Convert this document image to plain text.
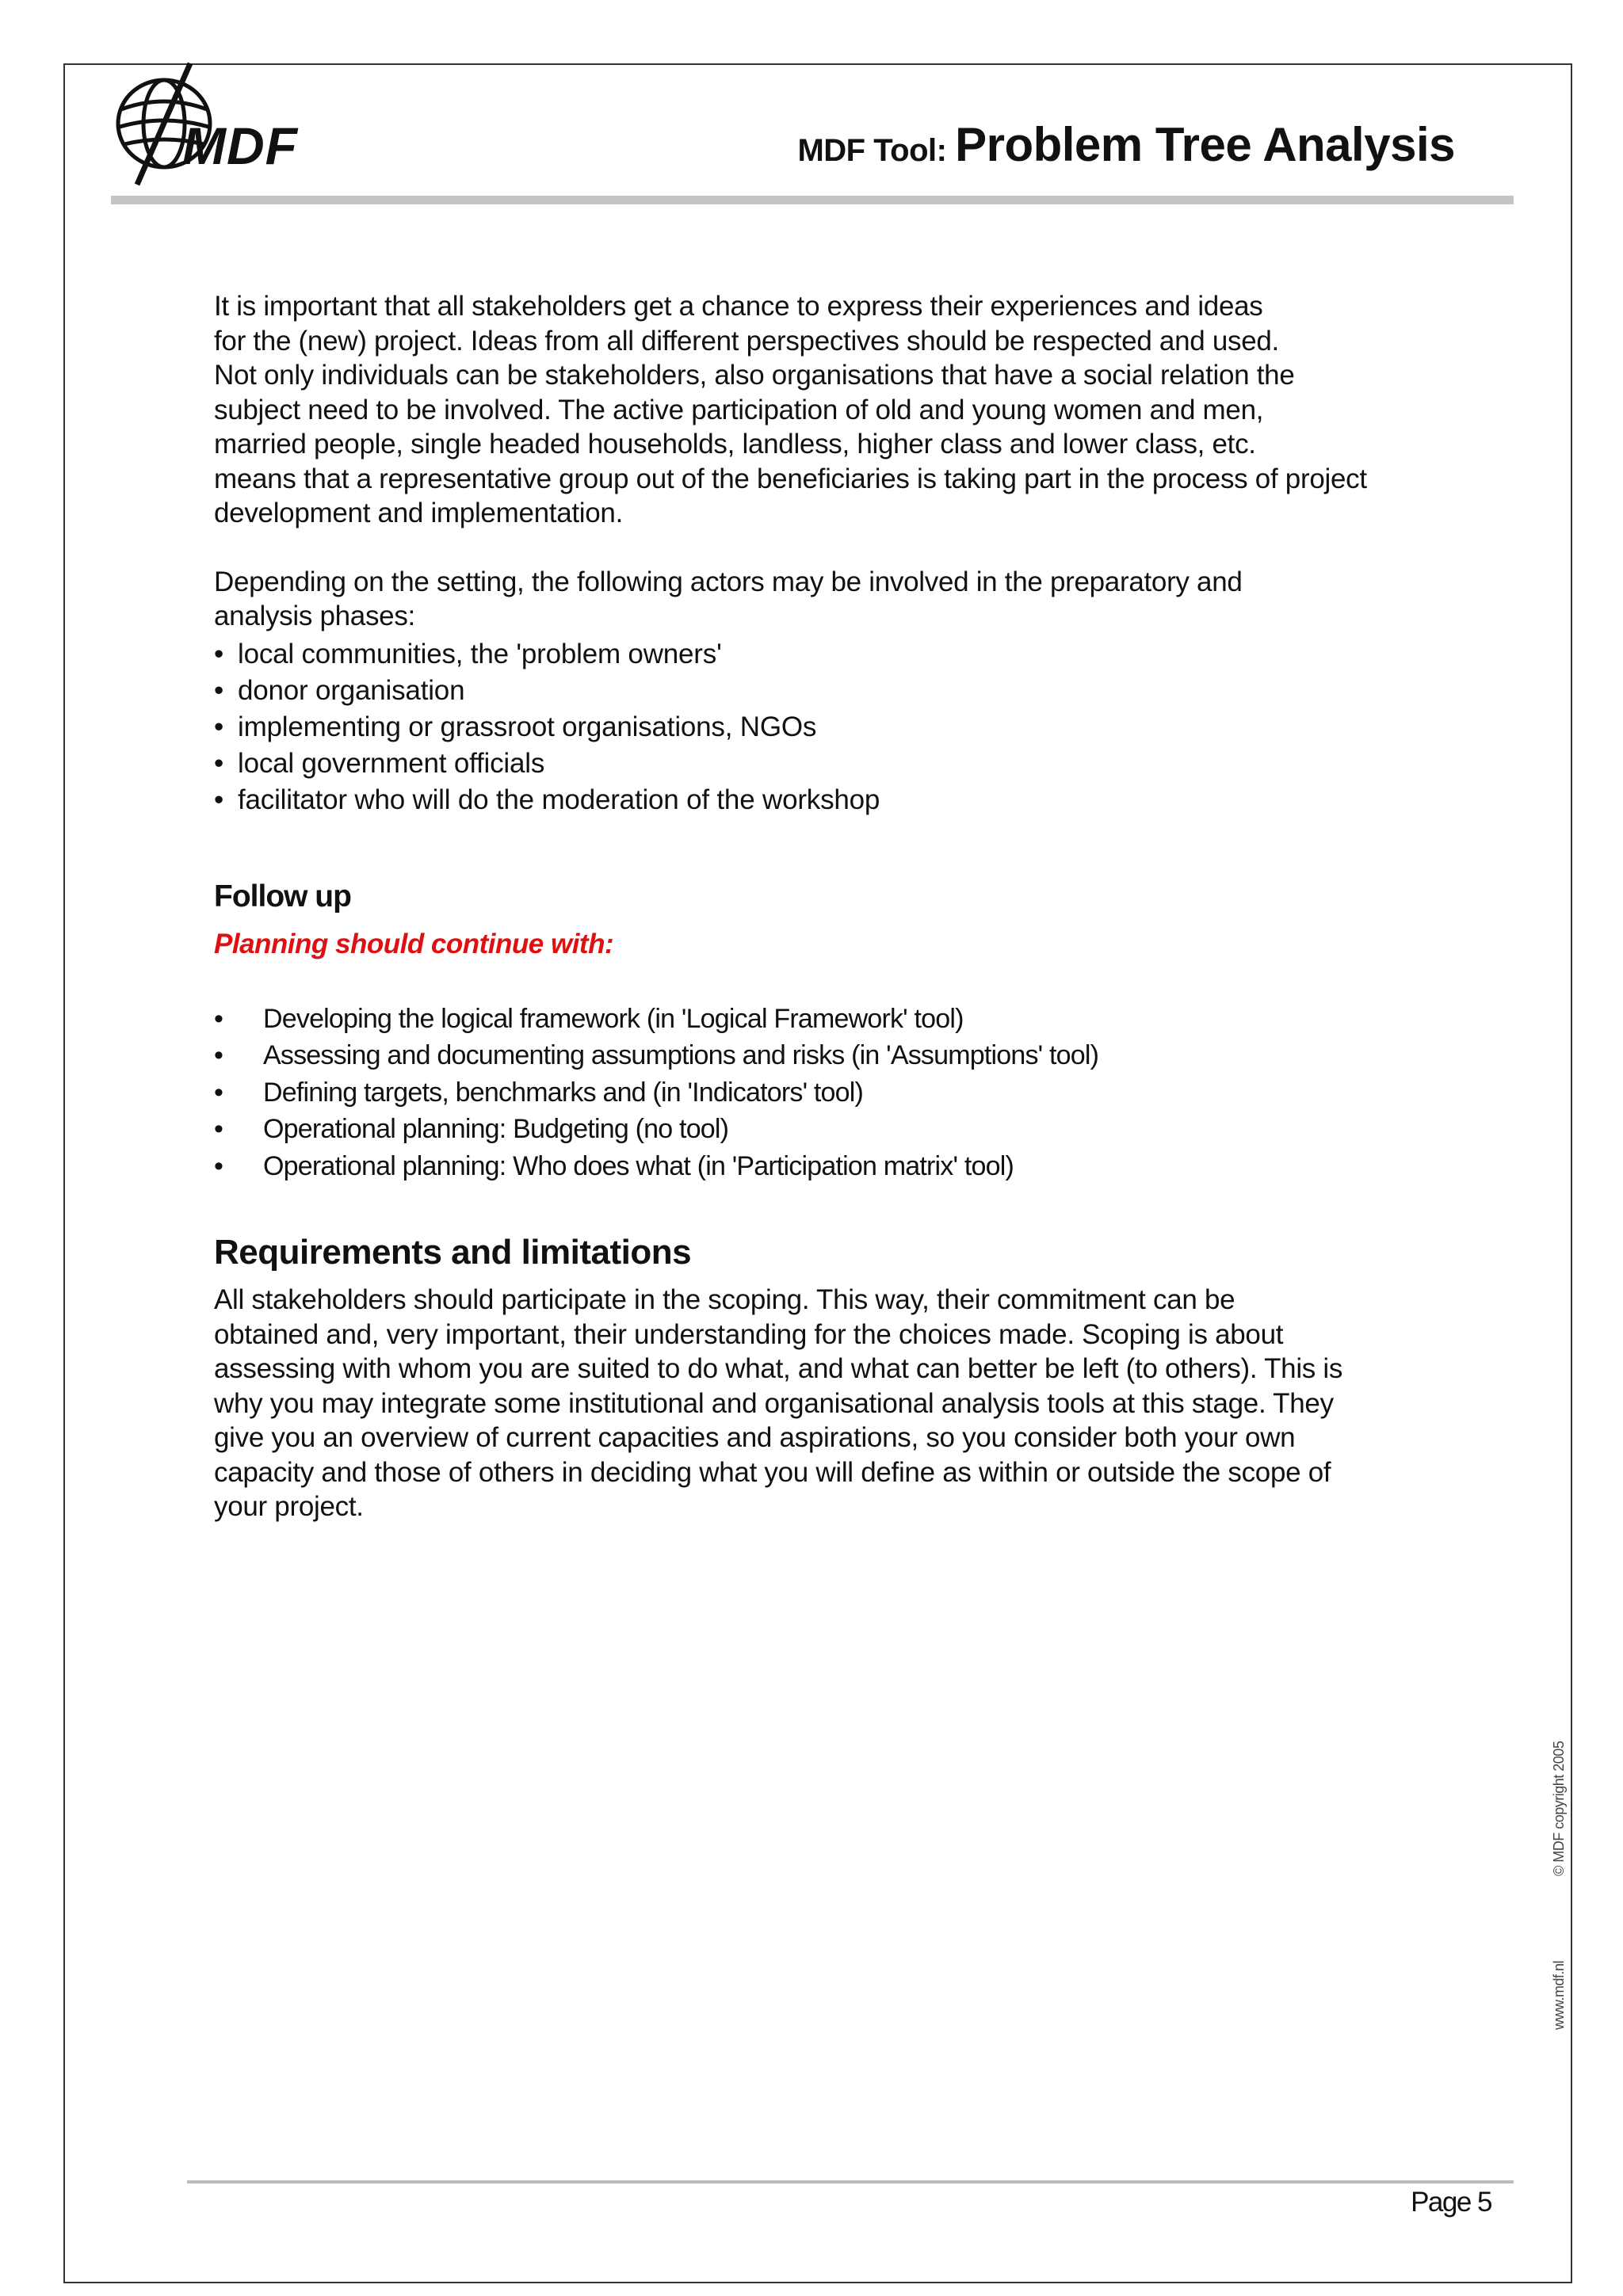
MDF	MDF Tool: Problem Tree Analysis

It is important that all stakeholders get a chance to express their experiences and ideas
for the (new) project. Ideas from all different perspectives should be respected and used.
Not only individuals can be stakeholders, also organisations that have a social relation the
subject need to be involved. The active participation of old and young women and men,
married people, single headed households, landless, higher class and lower class, etc.
means that a representative group out of the beneficiaries is taking part in the process of project
development and implementation.

Depending on the setting, the following actors may be involved in the preparatory and
analysis phases:

• local communities, the 'problem owners'
• donor organisation
• implementing or grassroot organisations, NGOs
• local government officials
• facilitator who will do the moderation of the workshop
Follow up

Planning should continue with:

• Developing the logical framework (in 'Logical Framework' tool)
• Assessing and documenting assumptions and risks (in 'Assumptions' tool)
• Defining targets, benchmarks and (in 'Indicators' tool)
• Operational planning: Budgeting (no tool)
• Operational planning: Who does what (in 'Participation matrix' tool)
Requirements and limitations

All stakeholders should participate in the scoping. This way, their commitment can be
obtained and, very important, their understanding for the choices made. Scoping is about
assessing with whom you are suited to do what, and what can better be left (to others). This is
why you may integrate some institutional and organisational analysis tools at this stage. They
give you an overview of current capacities and aspirations, so you consider both your own
capacity and those of others in deciding what you will define as within or outside the scope of
your project.

© MDF copyright 2005
www.mdf.nl
Page 5
